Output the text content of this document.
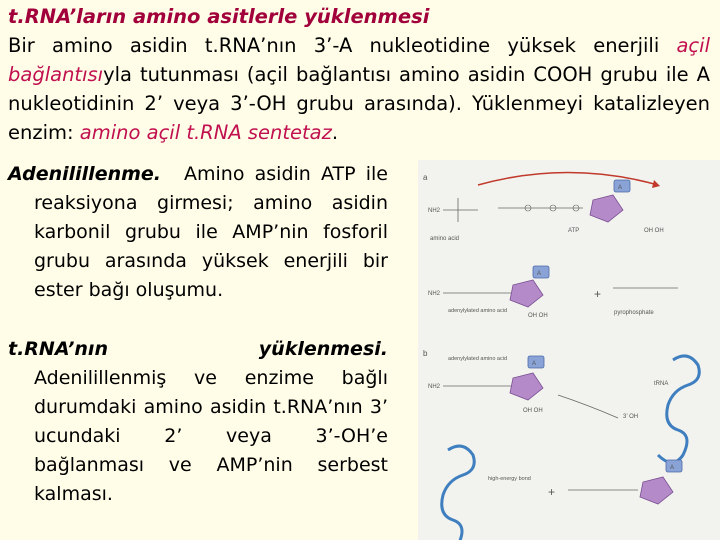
t.RNA’ların amino asitlerle yüklenmesi
Bir amino asidin t.RNA’nın 3’-A nukleotidine yüksek enerjili açil bağlantısıyla tutunması (açil bağlantısı amino asidin COOH grubu ile A nukleotidinin 2’ veya 3’-OH grubu arasında). Yüklenmeyi katalizleyen enzim: amino açil t.RNA sentetaz.
Adenilillenme.	Amino asidin ATP ile reaksiyona girmesi; amino asidin karbonil grubu ile AMP’nin fosforil grubu arasında yüksek enerjili bir ester bağı oluşumu.
t.RNA’nın yüklenmesi.
Adenilillenmiş ve enzime bağlı durumdaki amino asidin t.RNA’nın 3’ ucundaki 2’ veya 3’-OH’e bağlanması ve AMP’nin serbest kalması.
a
NH2
amino acid
A
ATP	OH OH
NH2
A
adenylylated amino acid
OH OH
+
pyrophosphate
b
adenylylated amino acid
NH2
A
OH OH
tRNA
3’ OH
high-energy bond
+
A
